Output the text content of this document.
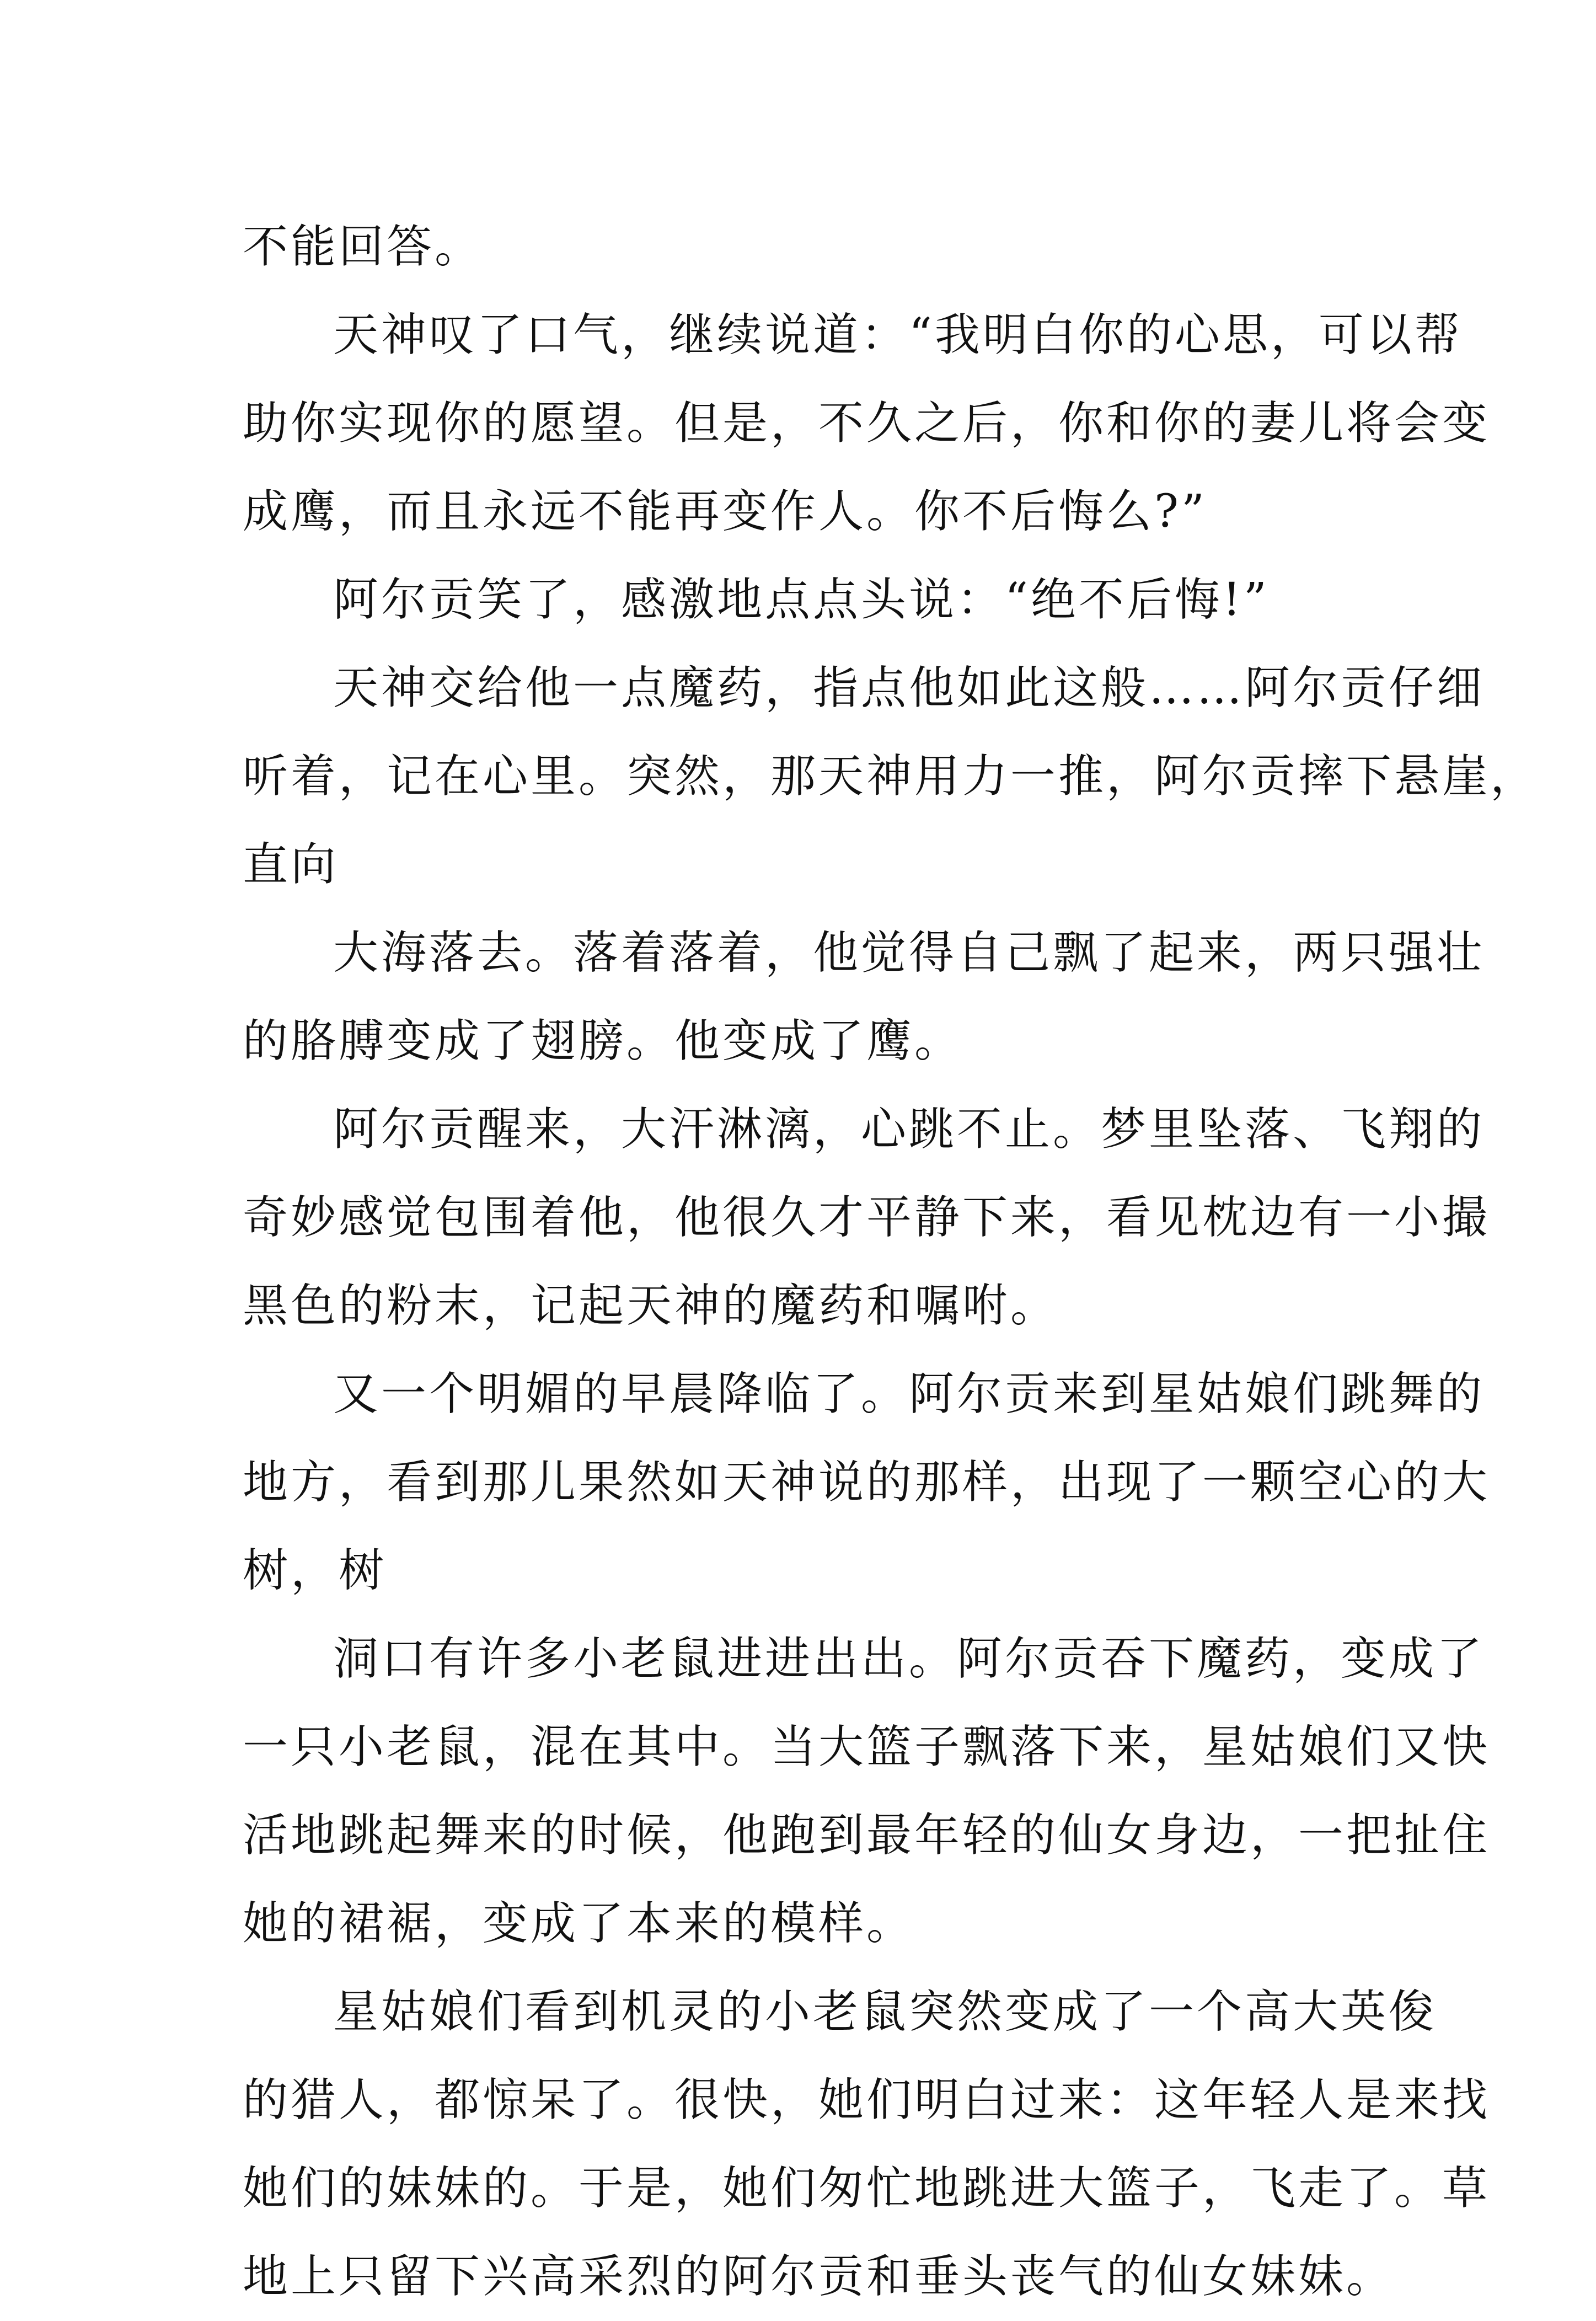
不能回答。
天神叹了口气，继续说道：“我明白你的心思，可以帮
助你实现你的愿望。但是，不久之后，你和你的妻儿将会变
成鹰，而且永远不能再变作人。你不后悔么?”
阿尔贡笑了，感激地点点头说：“绝不后悔!”
天神交给他一点魔药，指点他如此这般……阿尔贡仔细
听着，记在心里。突然，那天神用力一推，阿尔贡摔下悬崖，
直向
大海落去。落着落着，他觉得自己飘了起来，两只强壮
的胳膊变成了翅膀。他变成了鹰。
阿尔贡醒来，大汗淋漓，心跳不止。梦里坠落、飞翔的
奇妙感觉包围着他，他很久才平静下来，看见枕边有一小撮
黑色的粉末，记起天神的魔药和嘱咐。
又一个明媚的早晨降临了。阿尔贡来到星姑娘们跳舞的
地方，看到那儿果然如天神说的那样，出现了一颗空心的大
树，树
洞口有许多小老鼠进进出出。阿尔贡吞下魔药，变成了
一只小老鼠，混在其中。当大篮子飘落下来，星姑娘们又快
活地跳起舞来的时候，他跑到最年轻的仙女身边，一把扯住
她的裙裾，变成了本来的模样。
星姑娘们看到机灵的小老鼠突然变成了一个高大英俊
的猎人，都惊呆了。很快，她们明白过来：这年轻人是来找
她们的妹妹的。于是，她们匆忙地跳进大篮子，飞走了。草
地上只留下兴高采烈的阿尔贡和垂头丧气的仙女妹妹。
